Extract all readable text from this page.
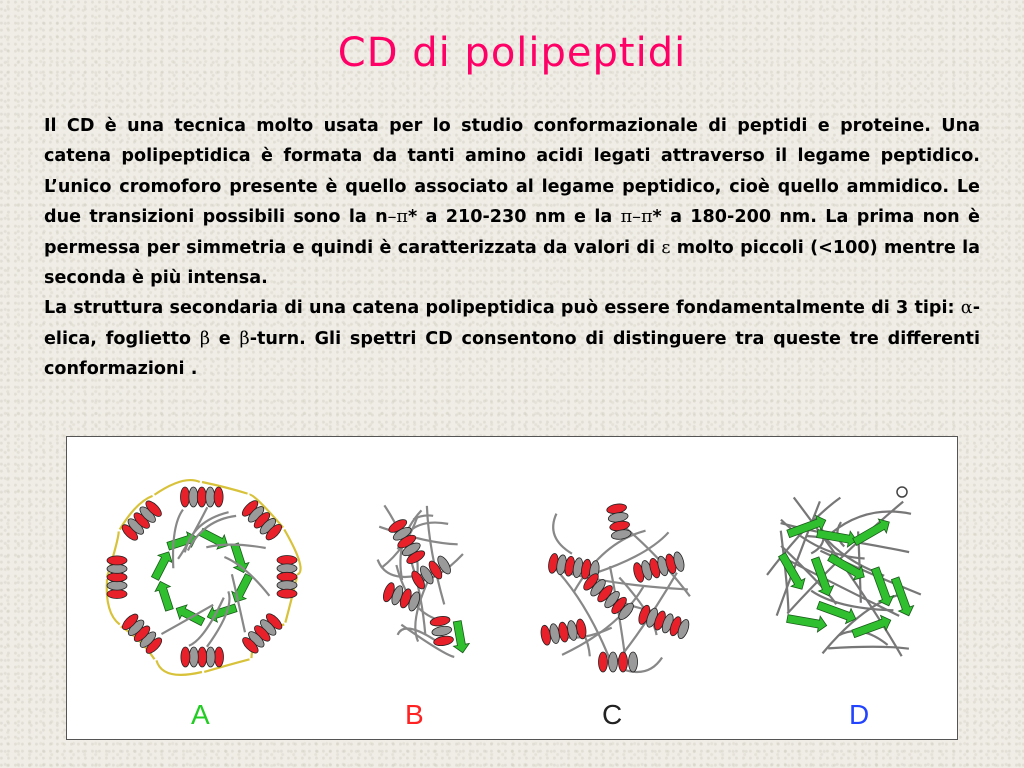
CD di polipeptidi

Il CD è una tecnica molto usata per lo studio conformazionale di peptidi e proteine. Una catena polipeptidica è formata da tanti amino acidi legati attraverso il legame peptidico. L’unico cromoforo presente è quello associato al legame peptidico, cioè quello ammidico. Le due transizioni possibili sono la n–π* a 210-230 nm e la π–π* a 180-200 nm. La prima non è permessa per simmetria e quindi è caratterizzata da valori di ε molto piccoli (<100) mentre la seconda è più intensa.

La struttura secondaria di una catena polipeptidica può essere fondamentalmente di 3 tipi: α-elica, foglietto β e β-turn. Gli spettri CD consentono di distinguere tra queste tre differenti conformazioni .

A	B	C	D
